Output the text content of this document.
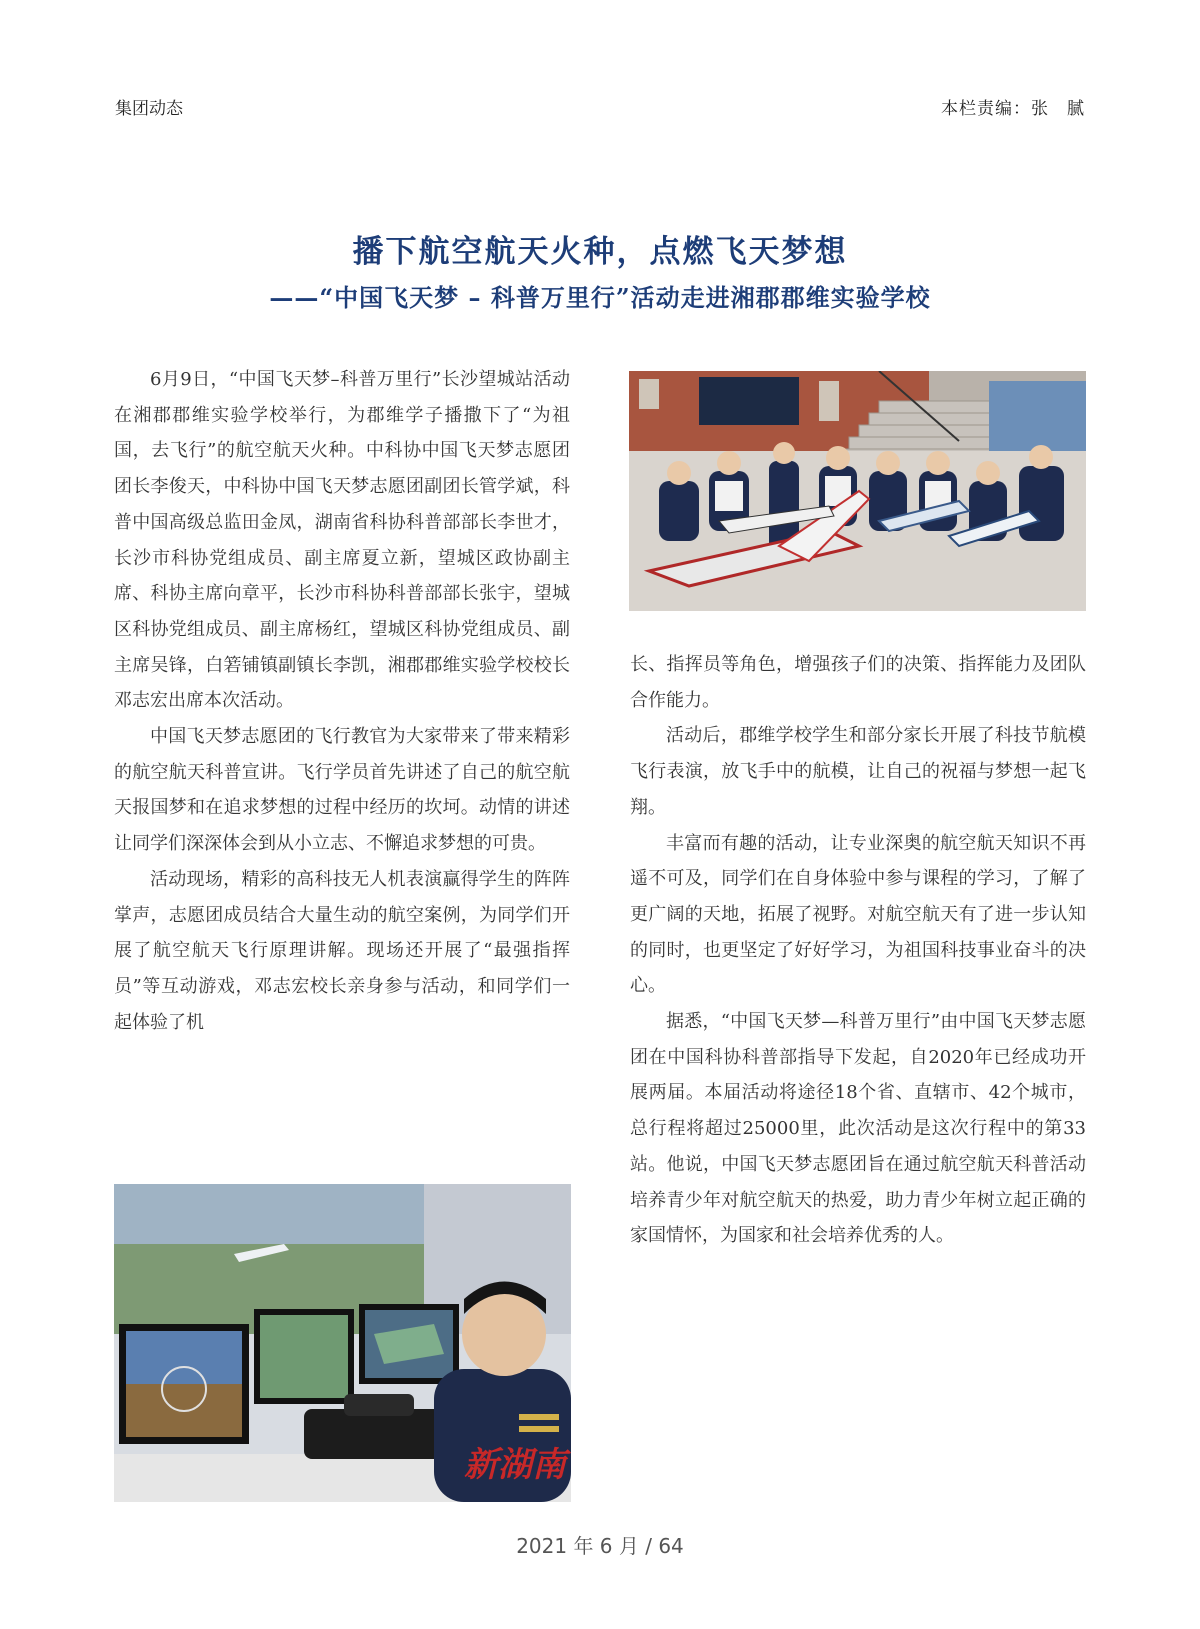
集团动态	本栏责编：张　腻
播下航空航天火种，点燃飞天梦想
——“中国飞天梦 – 科普万里行”活动走进湘郡郡维实验学校

6月9日，“中国飞天梦–科普万里行”长沙望城站活动在湘郡郡维实验学校举行，为郡维学子播撒下了“为祖国，去飞行”的航空航天火种。中科协中国飞天梦志愿团团长李俊天，中科协中国飞天梦志愿团副团长管学斌，科普中国高级总监田金凤，湖南省科协科普部部长李世才，长沙市科协党组成员、副主席夏立新，望城区政协副主席、科协主席向章平，长沙市科协科普部部长张宇，望城区科协党组成员、副主席杨红，望城区科协党组成员、副主席吴锋，白箬铺镇副镇长李凯，湘郡郡维实验学校校长邓志宏出席本次活动。

中国飞天梦志愿团的飞行教官为大家带来了带来精彩的航空航天科普宣讲。飞行学员首先讲述了自己的航空航天报国梦和在追求梦想的过程中经历的坎坷。动情的讲述让同学们深深体会到从小立志、不懈追求梦想的可贵。

活动现场，精彩的高科技无人机表演赢得学生的阵阵掌声，志愿团成员结合大量生动的航空案例，为同学们开展了航空航天飞行原理讲解。现场还开展了“最强指挥员”等互动游戏，邓志宏校长亲身参与活动，和同学们一起体验了机

长、指挥员等角色，增强孩子们的决策、指挥能力及团队合作能力。

活动后，郡维学校学生和部分家长开展了科技节航模飞行表演，放飞手中的航模，让自己的祝福与梦想一起飞翔。

丰富而有趣的活动，让专业深奥的航空航天知识不再遥不可及，同学们在自身体验中参与课程的学习，了解了更广阔的天地，拓展了视野。对航空航天有了进一步认知的同时，也更坚定了好好学习，为祖国科技事业奋斗的决心。

据悉，“中国飞天梦—科普万里行”由中国飞天梦志愿团在中国科协科普部指导下发起，自2020年已经成功开展两届。本届活动将途径18个省、直辖市、42个城市，总行程将超过25000里，此次活动是这次行程中的第33站。他说，中国飞天梦志愿团旨在通过航空航天科普活动培养青少年对航空航天的热爱，助力青少年树立起正确的家国情怀，为国家和社会培养优秀的人。

新湖南
2021 年 6 月 / 64
